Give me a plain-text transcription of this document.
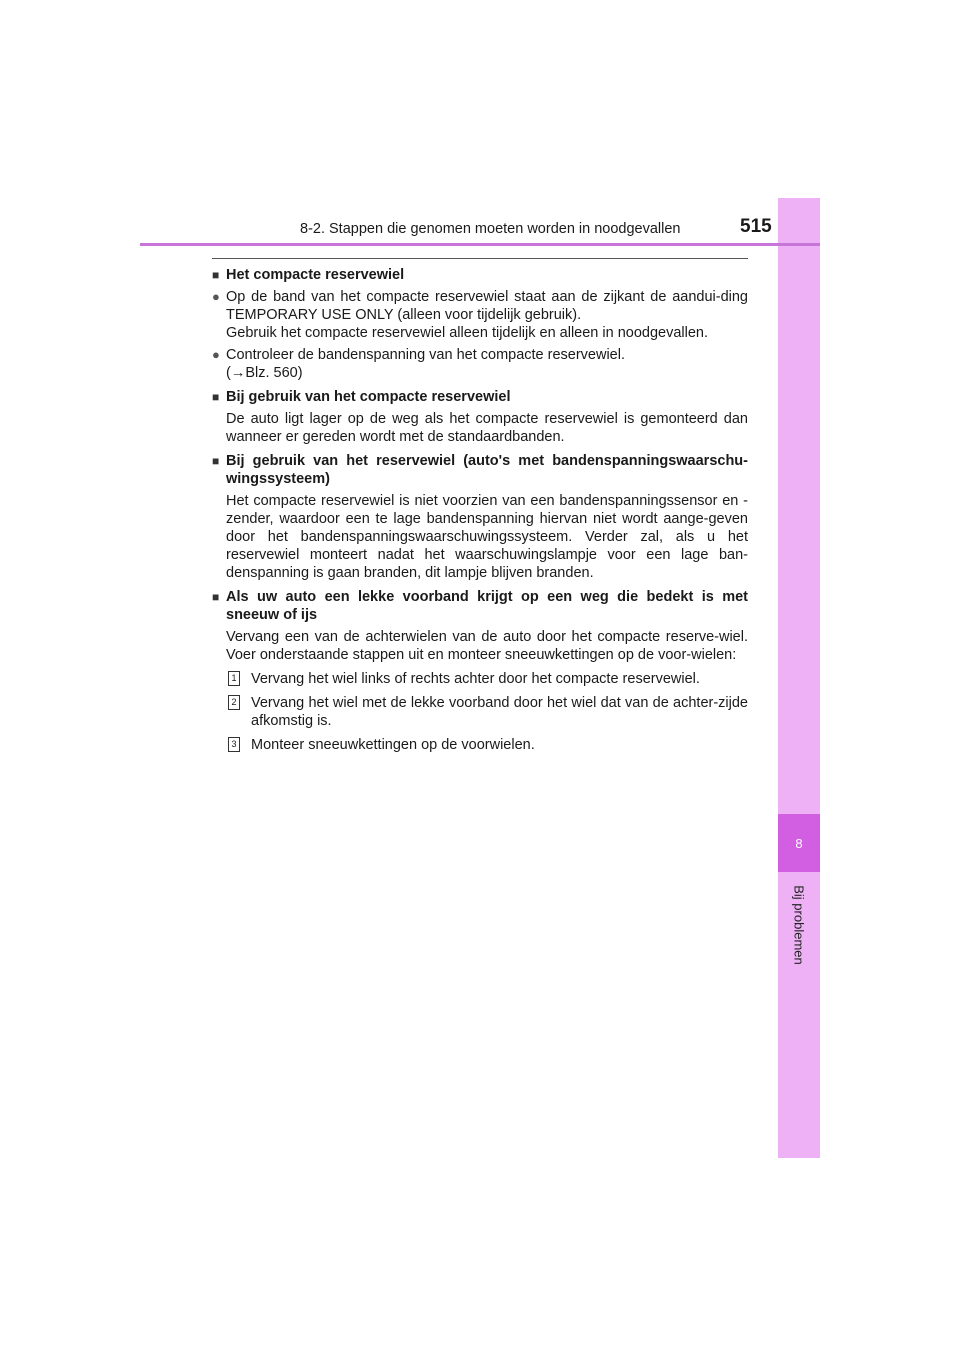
8
Bij problemen
8-2. Stappen die genomen moeten worden in noodgevallen	515
■ Het compacte reservewiel
● Op de band van het compacte reservewiel staat aan de zijkant de aandui-ding TEMPORARY USE ONLY (alleen voor tijdelijk gebruik).
Gebruik het compacte reservewiel alleen tijdelijk en alleen in noodgevallen.
● Controleer de bandenspanning van het compacte reservewiel.
(→Blz. 560)
■ Bij gebruik van het compacte reservewiel
De auto ligt lager op de weg als het compacte reservewiel is gemonteerd dan wanneer er gereden wordt met de standaardbanden.
■ Bij gebruik van het reservewiel (auto's met bandenspanningswaarschu-wingssysteem)
Het compacte reservewiel is niet voorzien van een bandenspanningssensor en -zender, waardoor een te lage bandenspanning hiervan niet wordt aange-geven door het bandenspanningswaarschuwingssysteem. Verder zal, als u het reservewiel monteert nadat het waarschuwingslampje voor een lage ban-denspanning is gaan branden, dit lampje blijven branden.
■ Als uw auto een lekke voorband krijgt op een weg die bedekt is met sneeuw of ijs
Vervang een van de achterwielen van de auto door het compacte reserve-wiel. Voer onderstaande stappen uit en monteer sneeuwkettingen op de voor-wielen:
1 Vervang het wiel links of rechts achter door het compacte reservewiel.
2 Vervang het wiel met de lekke voorband door het wiel dat van de achter-zijde afkomstig is.
3 Monteer sneeuwkettingen op de voorwielen.
